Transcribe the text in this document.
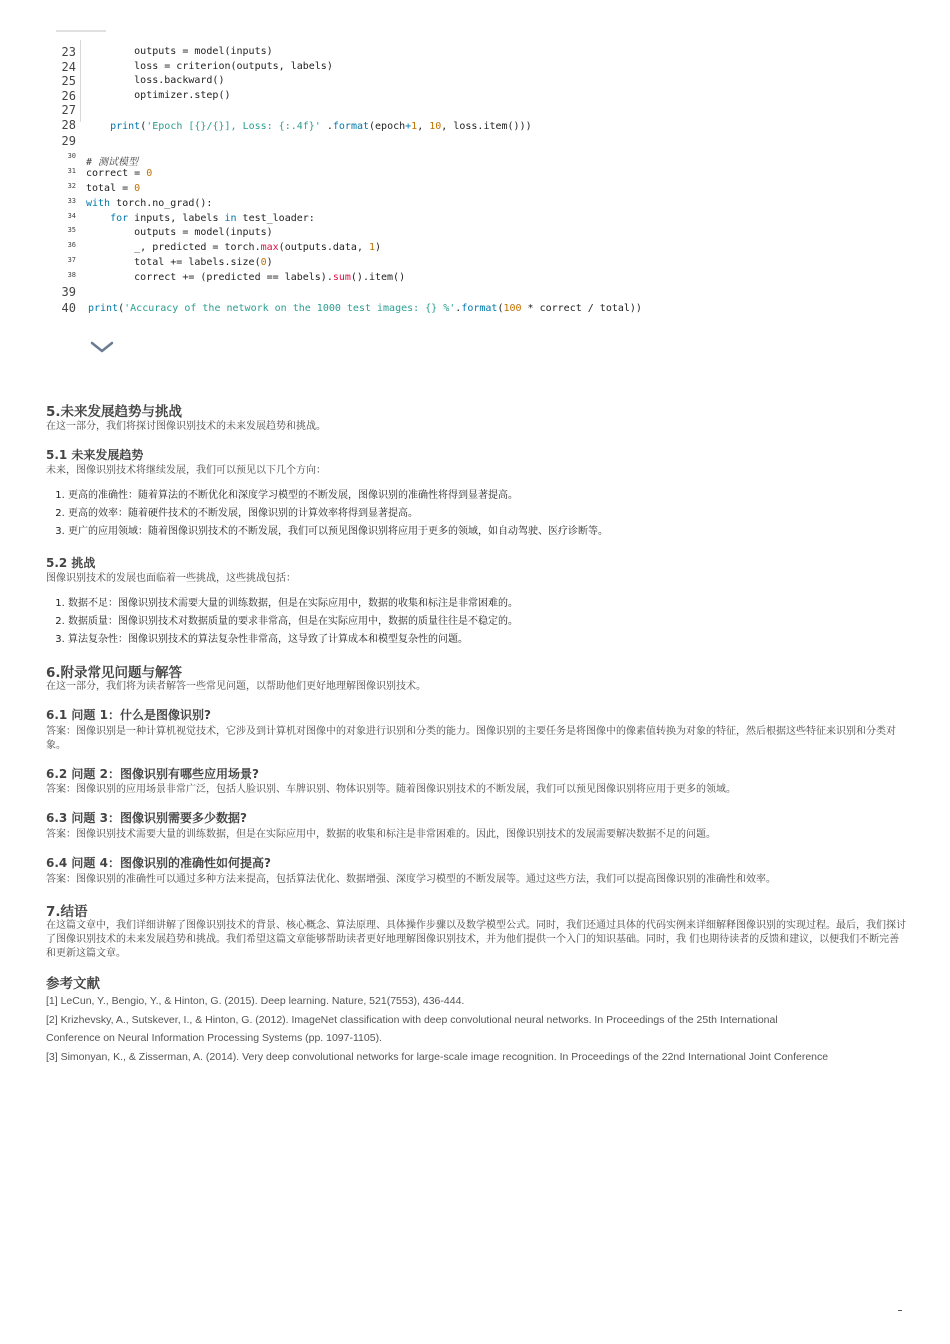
23 outputs = model(inputs)
24 loss = criterion(outputs, labels)
25 loss.backward()
26 optimizer.step()
27
28	print('Epoch [{}/{}], Loss: {:.4f}' .format(epoch+1, 10, loss.item()))
29
30
# 测试模型
31 correct = 0
32 total = 0
33 with torch.no_grad():
34	for inputs, labels in test_loader:
35 outputs = model(inputs)
36 _, predicted = torch.max(outputs.data, 1)
37 total += labels.size(0)
38 correct += (predicted == labels).sum().item()
39
40 print('Accuracy of the network on the 1000 test images: {} %'.format(100 * correct / total))
5.未来发展趋势与挑战

在这一部分，我们将探讨图像识别技术的未来发展趋势和挑战。

5.1 未来发展趋势

未来，图像识别技术将继续发展，我们可以预见以下几个方向：

1. 更高的准确性：随着算法的不断优化和深度学习模型的不断发展，图像识别的准确性将得到显著提高。
2. 更高的效率：随着硬件技术的不断发展，图像识别的计算效率将得到显著提高。
3. 更广的应用领域：随着图像识别技术的不断发展，我们可以预见图像识别将应用于更多的领域，如自动驾驶、医疗诊断等。
5.2 挑战

图像识别技术的发展也面临着一些挑战，这些挑战包括：

1. 数据不足：图像识别技术需要大量的训练数据，但是在实际应用中，数据的收集和标注是非常困难的。
2. 数据质量：图像识别技术对数据质量的要求非常高，但是在实际应用中，数据的质量往往是不稳定的。
3. 算法复杂性：图像识别技术的算法复杂性非常高，这导致了计算成本和模型复杂性的问题。
6.附录常见问题与解答

在这一部分，我们将为读者解答一些常见问题，以帮助他们更好地理解图像识别技术。

6.1 问题 1：什么是图像识别?

答案：图像识别是一种计算机视觉技术，它涉及到计算机对图像中的对象进行识别和分类的能力。图像识别的主要任务是将图像中的像素值转换为对象的特征，然后根据这些特征来识别和分类对象。

6.2 问题 2：图像识别有哪些应用场景?

答案：图像识别的应用场景非常广泛，包括人脸识别、车牌识别、物体识别等。随着图像识别技术的不断发展，我们可以预见图像识别将应用于更多的领域。

6.3 问题 3：图像识别需要多少数据?

答案：图像识别技术需要大量的训练数据，但是在实际应用中，数据的收集和标注是非常困难的。因此，图像识别技术的发展需要解决数据不足的问题。

6.4 问题 4：图像识别的准确性如何提高?

答案：图像识别的准确性可以通过多种方法来提高，包括算法优化、数据增强、深度学习模型的不断发展等。通过这些方法，我们可以提高图像识别的准确性和效率。

7.结语

在这篇文章中，我们详细讲解了图像识别技术的背景、核心概念、算法原理、具体操作步骤以及数学模型公式。同时，我们还通过具体的代码实例来详细解释图像识别的实现过程。最后，我们探讨了图像识别技术的未来发展趋势和挑战。我们希望这篇文章能够帮助读者更好地理解图像识别技术，并为他们提供一个入门的知识基础。同时，我 们也期待读者的反馈和建议，以便我们不断完善和更新这篇文章。

参考文献

[1] LeCun, Y., Bengio, Y., & Hinton, G. (2015). Deep learning. Nature, 521(7553), 436-444.

[2] Krizhevsky, A., Sutskever, I., & Hinton, G. (2012). ImageNet classification with deep convolutional neural networks. In Proceedings of the 25th International

Conference on Neural Information Processing Systems (pp. 1097-1105).

[3] Simonyan, K., & Zisserman, A. (2014). Very deep convolutional networks for large-scale image recognition. In Proceedings of the 22nd International Joint Conference
